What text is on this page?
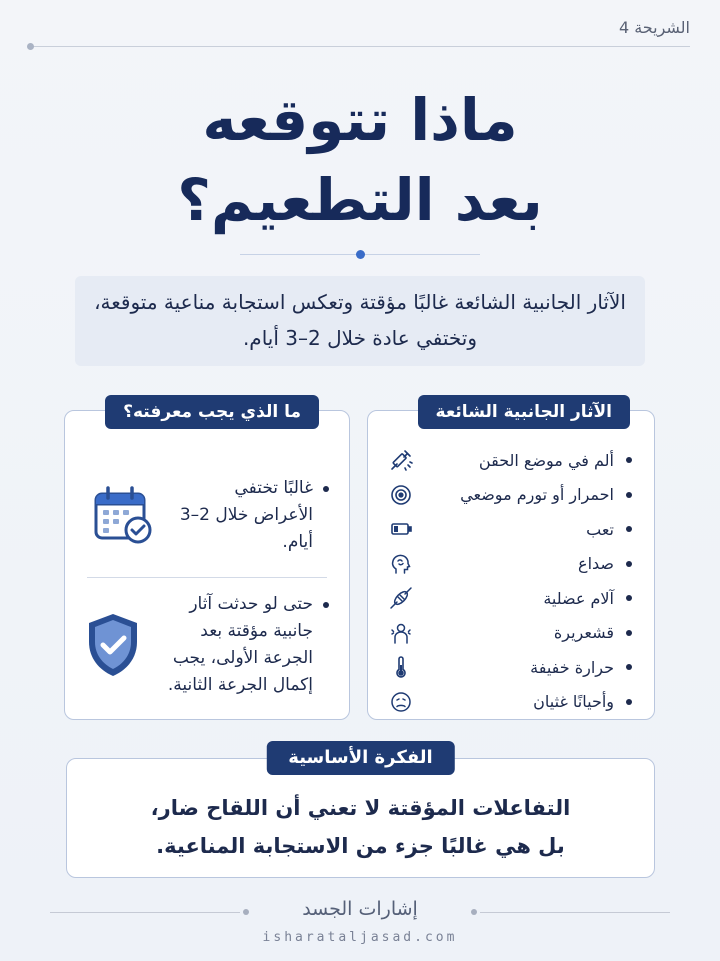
الشريحة 4
ماذا تتوقعه
بعد التطعيم؟
الآثار الجانبية الشائعة غالبًا مؤقتة وتعكس استجابة مناعية متوقعة، وتختفي عادة خلال 2–3 أيام.
الآثار الجانبية الشائعة
ألم في موضع الحقن
احمرار أو تورم موضعي
تعب
صداع
آلام عضلية
قشعريرة
حرارة خفيفة
وأحيانًا غثيان
ما الذي يجب معرفته؟
غالبًا تختفي الأعراض خلال 2–3 أيام.
حتى لو حدثت آثار جانبية مؤقتة بعد الجرعة الأولى، يجب إكمال الجرعة الثانية.
الفكرة الأساسية
التفاعلات المؤقتة لا تعني أن اللقاح ضار،
بل هي غالبًا جزء من الاستجابة المناعية.
إشارات الجسد
isharataljasad.com
